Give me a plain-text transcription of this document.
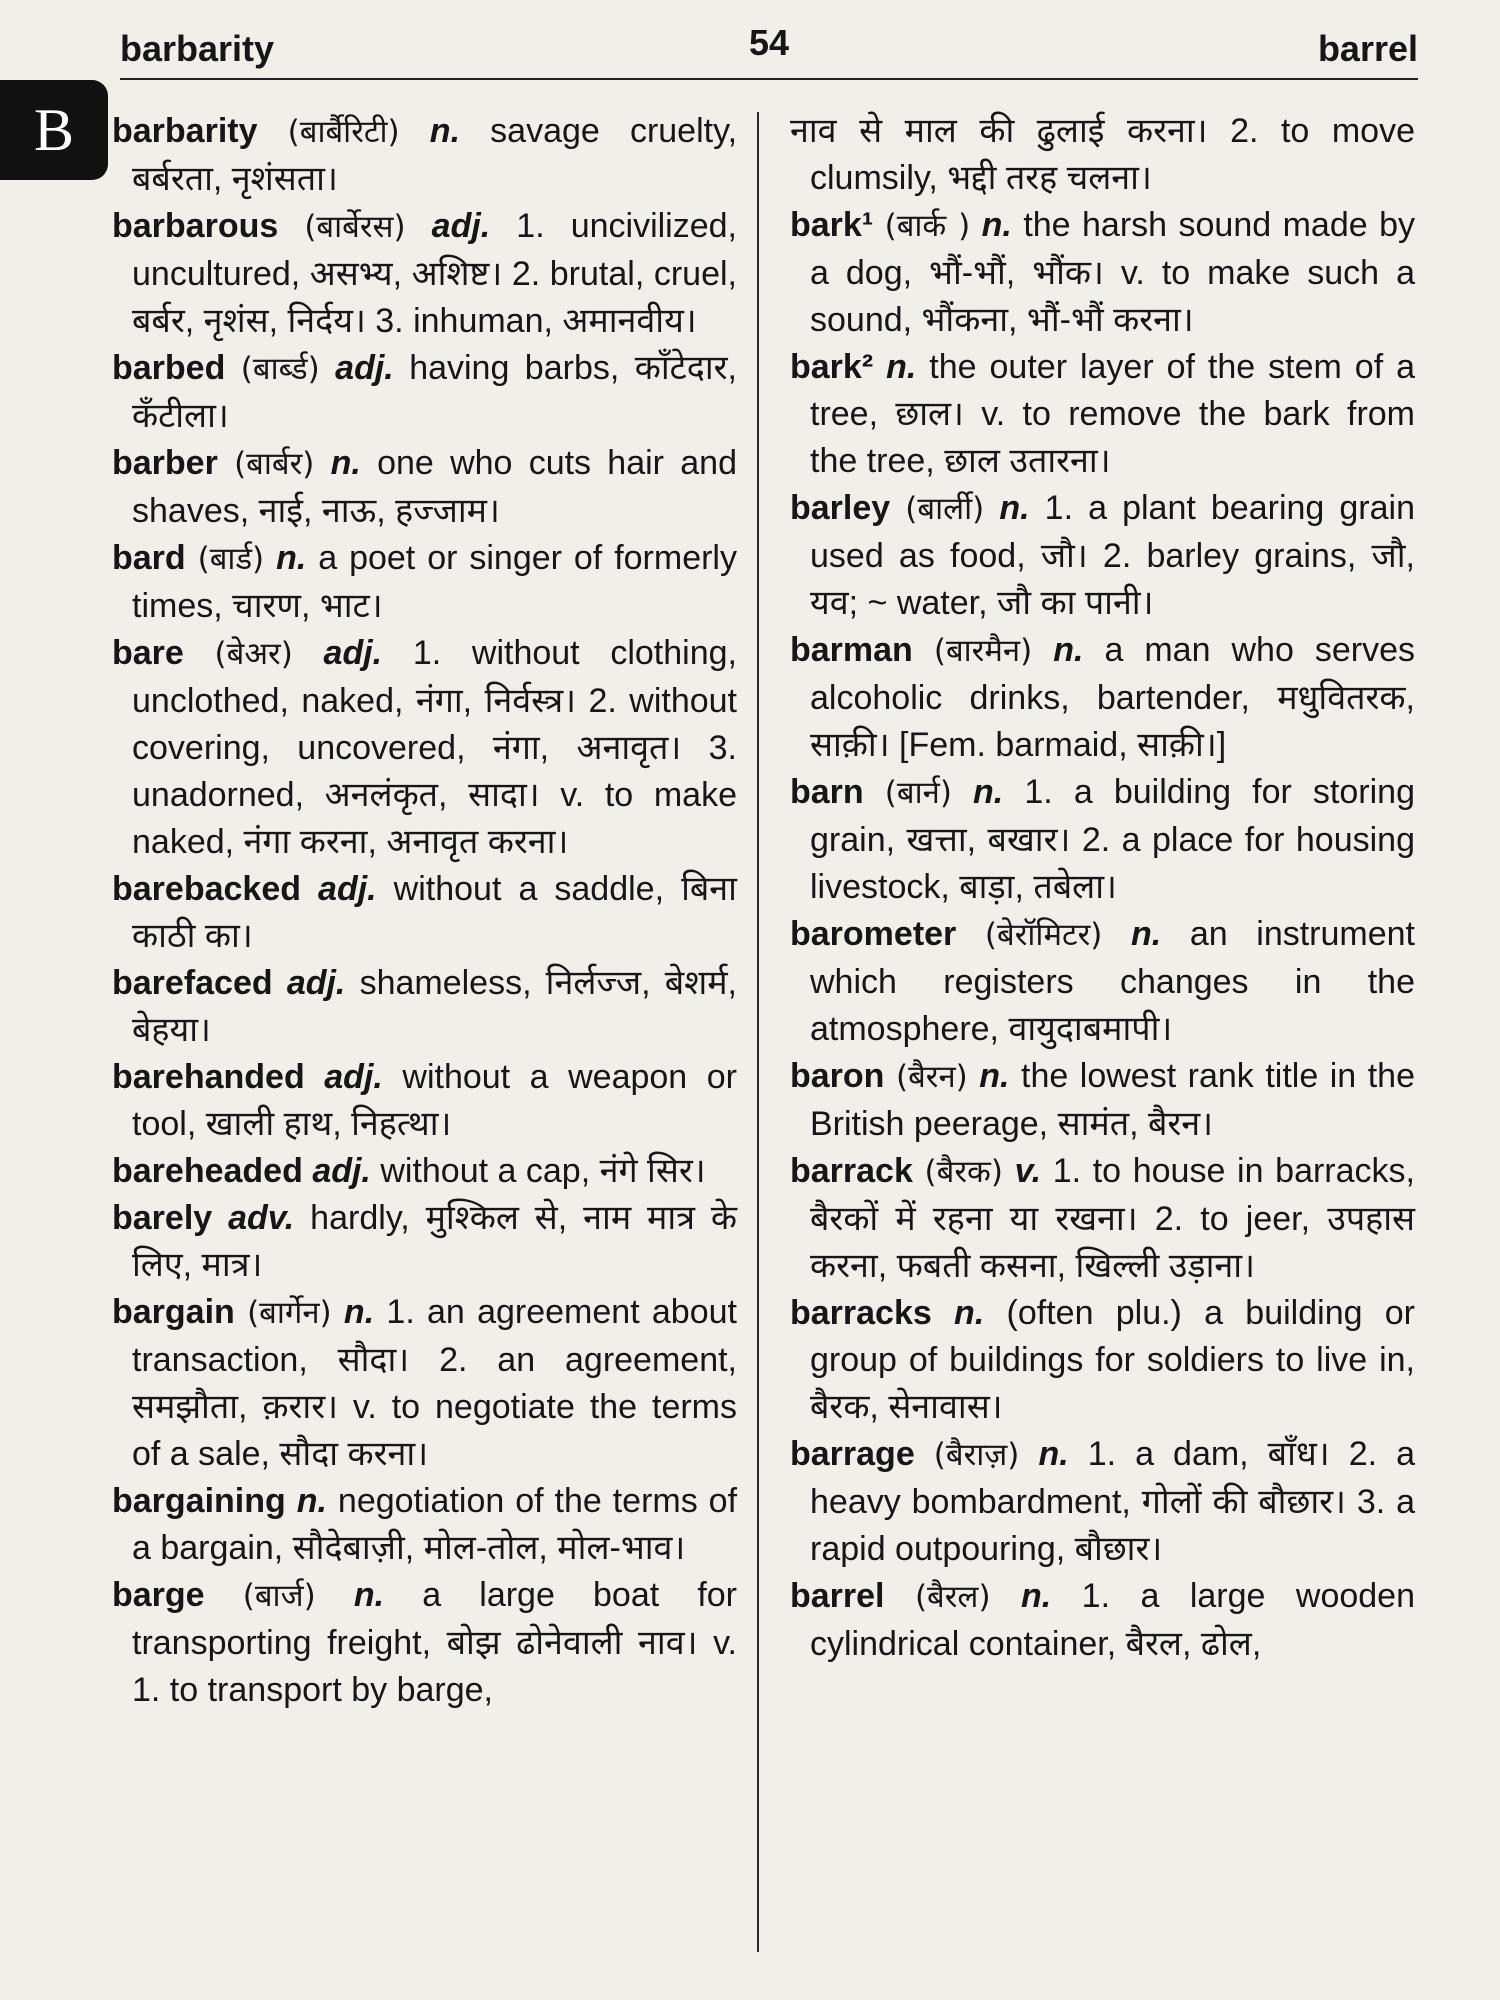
barbarity	54	barrel
B	barbarity (बार्बैरिटी) n. savage cruelty, बर्बरता, नृशंसता।

barbarous (बार्बेरस) adj. 1. uncivilized, uncultured, असभ्य, अशिष्ट। 2. brutal, cruel, बर्बर, नृशंस, निर्दय। 3. inhuman, अमानवीय।

barbed (बार्ब्ड) adj. having barbs, काँटेदार, कँटीला।

barber (बार्बर) n. one who cuts hair and shaves, नाई, नाऊ, हज्जाम।

bard (बार्ड) n. a poet or singer of formerly times, चारण, भाट।

bare (बेअर) adj. 1. without clothing, unclothed, naked, नंगा, निर्वस्त्र। 2. without covering, uncovered, नंगा, अनावृत। 3. unadorned, अनलंकृत, सादा। v. to make naked, नंगा करना, अनावृत करना।

barebacked adj. without a saddle, बिना काठी का।

barefaced adj. shameless, निर्लज्ज, बेशर्म, बेहया।

barehanded adj. without a weapon or tool, खाली हाथ, निहत्था।

bareheaded adj. without a cap, नंगे सिर।

barely adv. hardly, मुश्किल से, नाम मात्र के लिए, मात्र।

bargain (बार्गेन) n. 1. an agreement about transaction, सौदा। 2. an agreement, समझौता, क़रार। v. to negotiate the terms of a sale, सौदा करना।

bargaining n. negotiation of the terms of a bargain, सौदेबाज़ी, मोल-तोल, मोल-भाव।

barge (बार्ज) n. a large boat for transporting freight, बोझ ढोनेवाली नाव। v. 1. to transport by barge,

नाव से माल की ढुलाई करना। 2. to move clumsily, भद्दी तरह चलना।

bark¹ (बार्क ) n. the harsh sound made by a dog, भौं-भौं, भौंक। v. to make such a sound, भौंकना, भौं-भौं करना।

bark² n. the outer layer of the stem of a tree, छाल। v. to remove the bark from the tree, छाल उतारना।

barley (बार्ली) n. 1. a plant bearing grain used as food, जौ। 2. barley grains, जौ, यव; ~ water, जौ का पानी।

barman (बारमैन) n. a man who serves alcoholic drinks, bartender, मधुवितरक, साक़ी। [Fem. barmaid, साक़ी।]

barn (बार्न) n. 1. a building for storing grain, खत्ता, बखार। 2. a place for housing livestock, बाड़ा, तबेला।

barometer (बेरॉमिटर) n. an instrument which registers changes in the atmosphere, वायुदाबमापी।

baron (बैरन) n. the lowest rank title in the British peerage, सामंत, बैरन।

barrack (बैरक) v. 1. to house in barracks, बैरकों में रहना या रखना। 2. to jeer, उपहास करना, फबती कसना, खिल्ली उड़ाना।

barracks n. (often plu.) a building or group of buildings for soldiers to live in, बैरक, सेनावास।

barrage (बैराज़) n. 1. a dam, बाँध। 2. a heavy bombardment, गोलों की बौछार। 3. a rapid outpouring, बौछार।

barrel (बैरल) n. 1. a large wooden cylindrical container, बैरल, ढोल,
